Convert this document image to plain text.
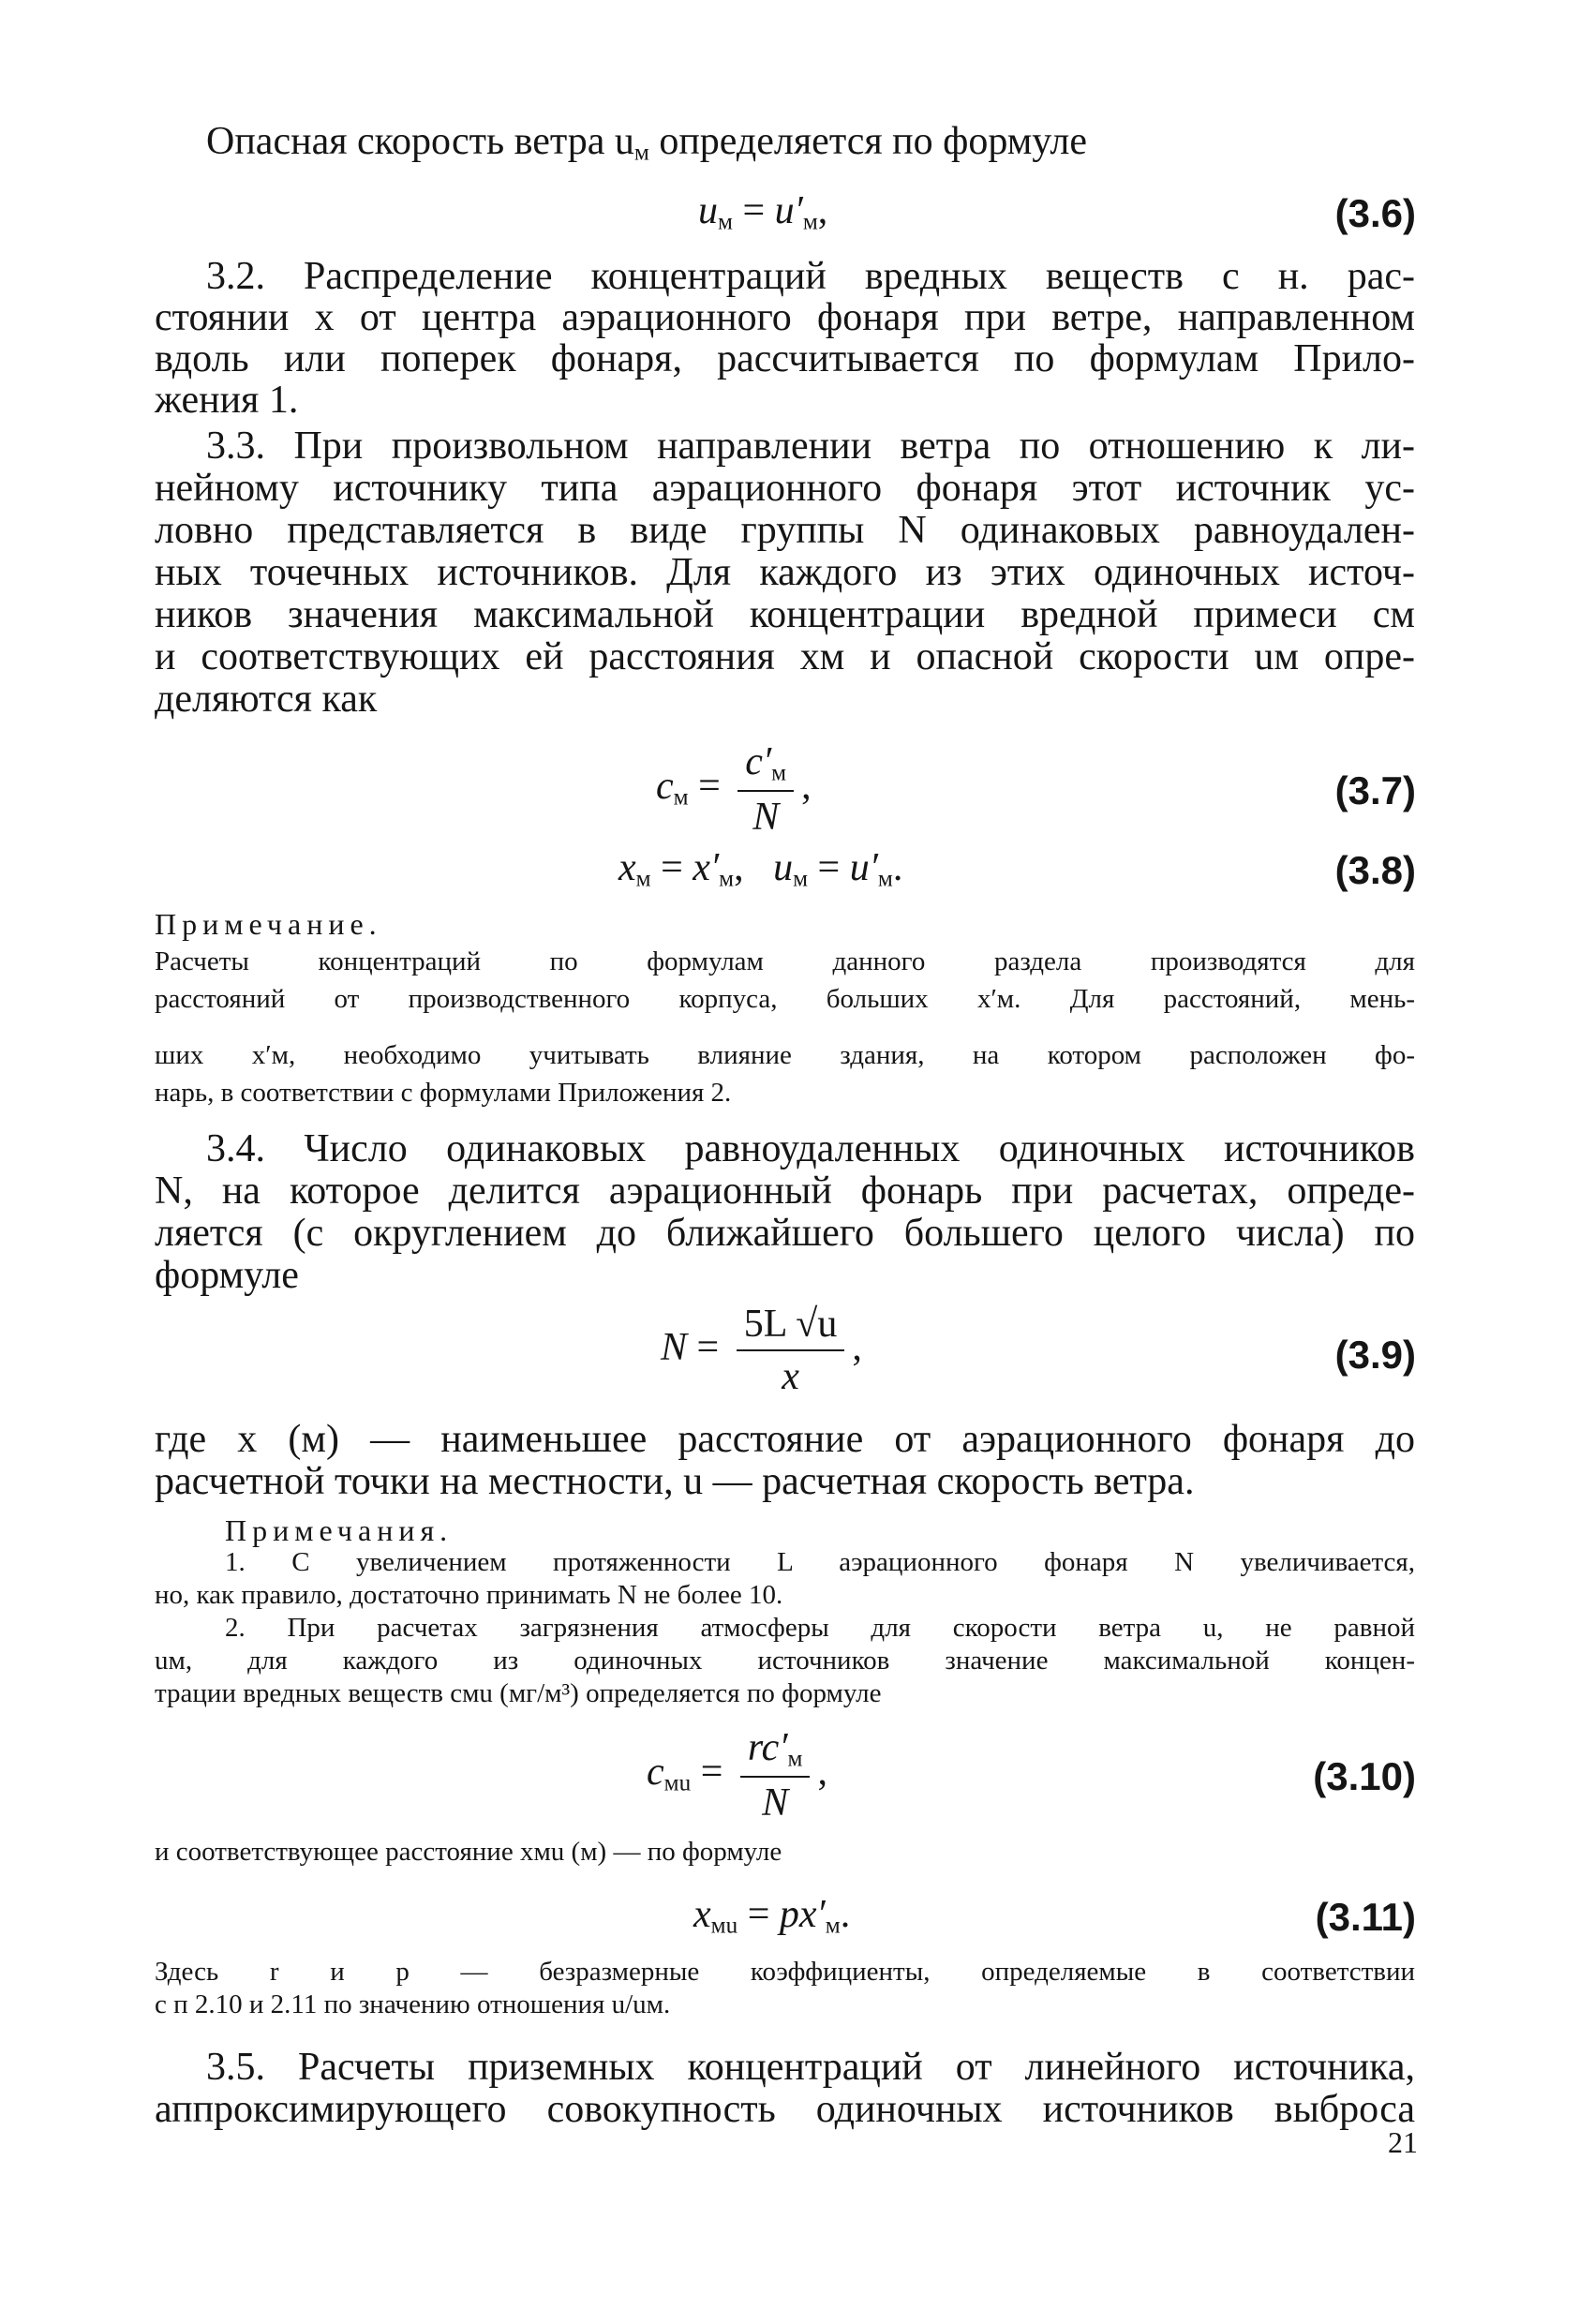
Опасная скорость ветра $u_м$ определяется по формуле
$u_м = u'_м$,	(3.6)
3.2. Распределение концентраций вредных веществ с н. рас-
стоянии x от центра аэрационного фонаря при ветре, направленном
вдоль или поперек фонаря, рассчитывается по формулам Прило-
жения 1.
3.3. При произвольном направлении ветра по отношению к ли-
нейному источнику типа аэрационного фонаря этот источник ус-
ловно представляется в виде группы N одинаковых равноудален-
ных точечных источников. Для каждого из этих одиночных источ-
ников значения максимальной концентрации вредной примеси cм
и соответствующих ей расстояния xм и опасной скорости uм опре-
деляются как
$c_м = \frac{c'_м}{N}$ ,	(3.7)
$x_м = x'_м$,   $u_м = u'_м$.	(3.8)
Примечание.
Расчеты концентраций по формулам данного раздела производятся для
расстояний от производственного корпуса, больших x′м. Для расстояний, мень-
ших x′м, необходимо учитывать влияние здания, на котором расположен фо-
нарь, в соответствии с формулами Приложения 2.
3.4. Число одинаковых равноудаленных одиночных источников
N, на которое делится аэрационный фонарь при расчетах, опреде-
ляется (с округлением до ближайшего большего целого числа) по
формуле
$N = \frac{5L √u}{x}$ ,	(3.9)
где x (м) — наименьшее расстояние от аэрационного фонаря до
расчетной точки на местности, u — расчетная скорость ветра.
Примечания.
1. С увеличением протяженности L аэрационного фонаря N увеличивается,
но, как правило, достаточно принимать N не более 10.
2. При расчетах загрязнения атмосферы для скорости ветра u, не равной
uм, для каждого из одиночных источников значение максимальной концен-
трации вредных веществ cмu (мг/м³) определяется по формуле
$c_{мu} = \frac{rc'_м}{N}$ ,	(3.10)
и соответствующее расстояние xмu (м) — по формуле
$x_{мu} = px'_м$.	(3.11)
Здесь r и p — безразмерные коэффициенты, определяемые в соответствии
с п 2.10 и 2.11 по значению отношения u/uм.
3.5. Расчеты приземных концентраций от линейного источника,
аппроксимирующего совокупность одиночных источников выброса
21
